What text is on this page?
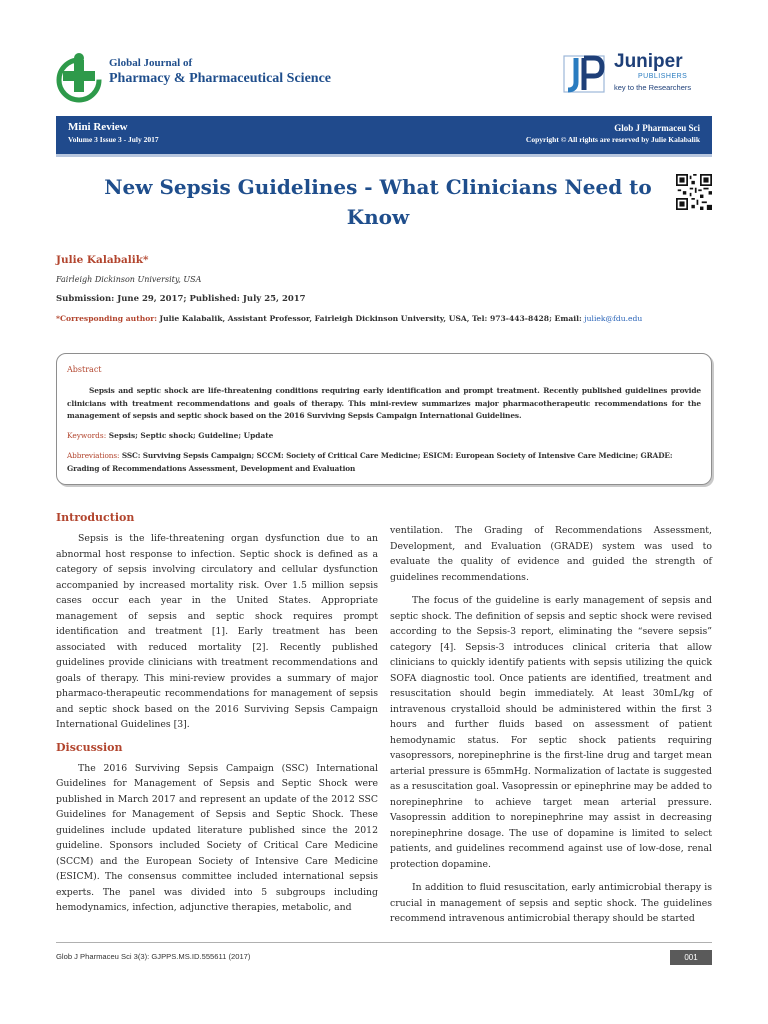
Global Journal of
Pharmacy & Pharmaceutical Science
Juniper
PUBLISHERS
key to the Researchers
Mini Review
Volume 3 Issue 3 - July 2017
Glob J Pharmaceu Sci
Copyright © All rights are reserved by Julie Kalabalik
New Sepsis Guidelines - What Clinicians Need to Know
Julie Kalabalik*
Fairleigh Dickinson University, USA
Submission: June 29, 2017; Published: July 25, 2017
*Corresponding author: Julie Kalabalik, Assistant Professor, Fairleigh Dickinson University, USA, Tel: 973-443-8428; Email: juliek@fdu.edu
Abstract
Sepsis and septic shock are life-threatening conditions requiring early identification and prompt treatment. Recently published guidelines provide clinicians with treatment recommendations and goals of therapy. This mini-review summarizes major pharmacotherapeutic recommendations for the management of sepsis and septic shock based on the 2016 Surviving Sepsis Campaign International Guidelines.
Keywords: Sepsis; Septic shock; Guideline; Update
Abbreviations: SSC: Surviving Sepsis Campaign; SCCM: Society of Critical Care Medicine; ESICM: European Society of Intensive Care Medicine; GRADE: Grading of Recommendations Assessment, Development and Evaluation
Introduction

Sepsis is the life-threatening organ dysfunction due to an abnormal host response to infection. Septic shock is defined as a category of sepsis involving circulatory and cellular dysfunction accompanied by increased mortality risk. Over 1.5 million sepsis cases occur each year in the United States. Appropriate management of sepsis and septic shock requires prompt identification and treatment [1]. Early treatment has been associated with reduced mortality [2]. Recently published guidelines provide clinicians with treatment recommendations and goals of therapy. This mini-review provides a summary of major pharmaco-therapeutic recommendations for management of sepsis and septic shock based on the 2016 Surviving Sepsis Campaign International Guidelines [3].

Discussion

The 2016 Surviving Sepsis Campaign (SSC) International Guidelines for Management of Sepsis and Septic Shock were published in March 2017 and represent an update of the 2012 SSC Guidelines for Management of Sepsis and Septic Shock. These guidelines include updated literature published since the 2012 guideline. Sponsors included Society of Critical Care Medicine (SCCM) and the European Society of Intensive Care Medicine (ESICM). The consensus committee included international sepsis experts. The panel was divided into 5 subgroups including hemodynamics, infection, adjunctive therapies, metabolic, and

ventilation. The Grading of Recommendations Assessment, Development, and Evaluation (GRADE) system was used to evaluate the quality of evidence and guided the strength of guidelines recommendations.

The focus of the guideline is early management of sepsis and septic shock. The definition of sepsis and septic shock were revised according to the Sepsis-3 report, eliminating the “severe sepsis” category [4]. Sepsis-3 introduces clinical criteria that allow clinicians to quickly identify patients with sepsis utilizing the quick SOFA diagnostic tool. Once patients are identified, treatment and resuscitation should begin immediately. At least 30mL/kg of intravenous crystalloid should be administered within the first 3 hours and further fluids based on assessment of patient hemodynamic status. For septic shock patients requiring vasopressors, norepinephrine is the first-line drug and target mean arterial pressure is 65mmHg. Normalization of lactate is suggested as a resuscitation goal. Vasopressin or epinephrine may be added to norepinephrine to achieve target mean arterial pressure. Vasopressin addition to norepinephrine may assist in decreasing norepinephrine dosage. The use of dopamine is limited to select patients, and guidelines recommend against use of low-dose, renal protection dopamine.

In addition to fluid resuscitation, early antimicrobial therapy is crucial in management of sepsis and septic shock. The guidelines recommend intravenous antimicrobial therapy should be started

Glob J Pharmaceu Sci 3(3): GJPPS.MS.ID.555611 (2017)	001
